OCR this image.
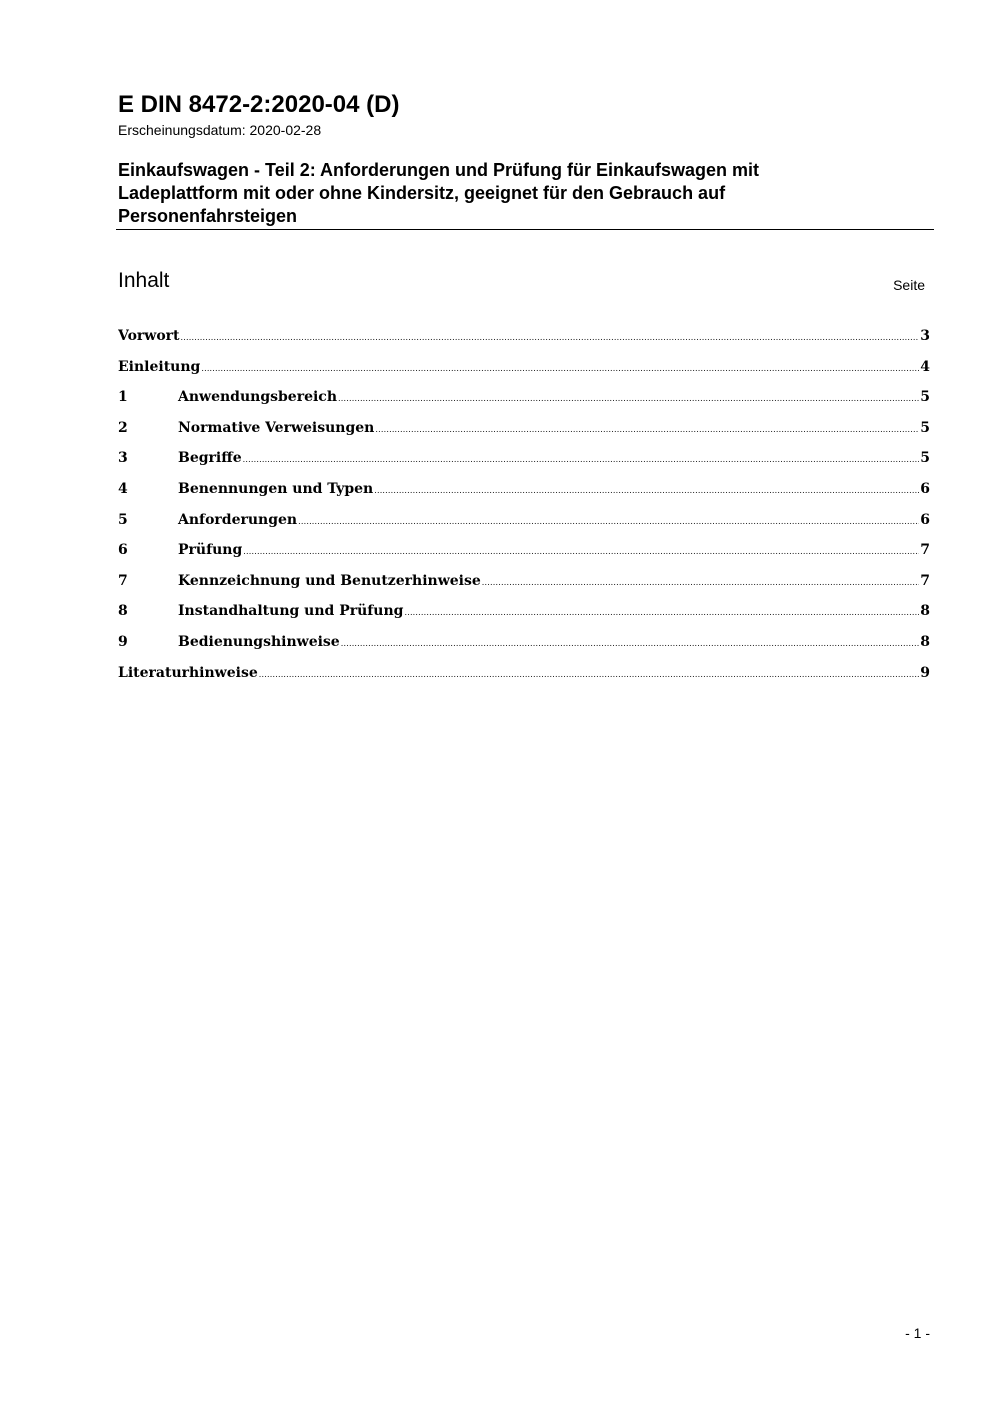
E DIN 8472-2:2020-04 (D)
Erscheinungsdatum: 2020-02-28
Einkaufswagen - Teil 2: Anforderungen und Prüfung für Einkaufswagen mit Ladeplattform mit oder ohne Kindersitz, geeignet für den Gebrauch auf Personenfahrsteigen
Inhalt	Seite
Vorwort .....	3
Einleitung .....	4
1	Anwendungsbereich .....	5
2	Normative Verweisungen .....	5
3	Begriffe .....	5
4	Benennungen und Typen .....	6
5	Anforderungen .....	6
6	Prüfung .....	7
7	Kennzeichnung und Benutzerhinweise .....	7
8	Instandhaltung und Prüfung .....	8
9	Bedienungshinweise .....	8
Literaturhinweise .....	9
- 1 -
